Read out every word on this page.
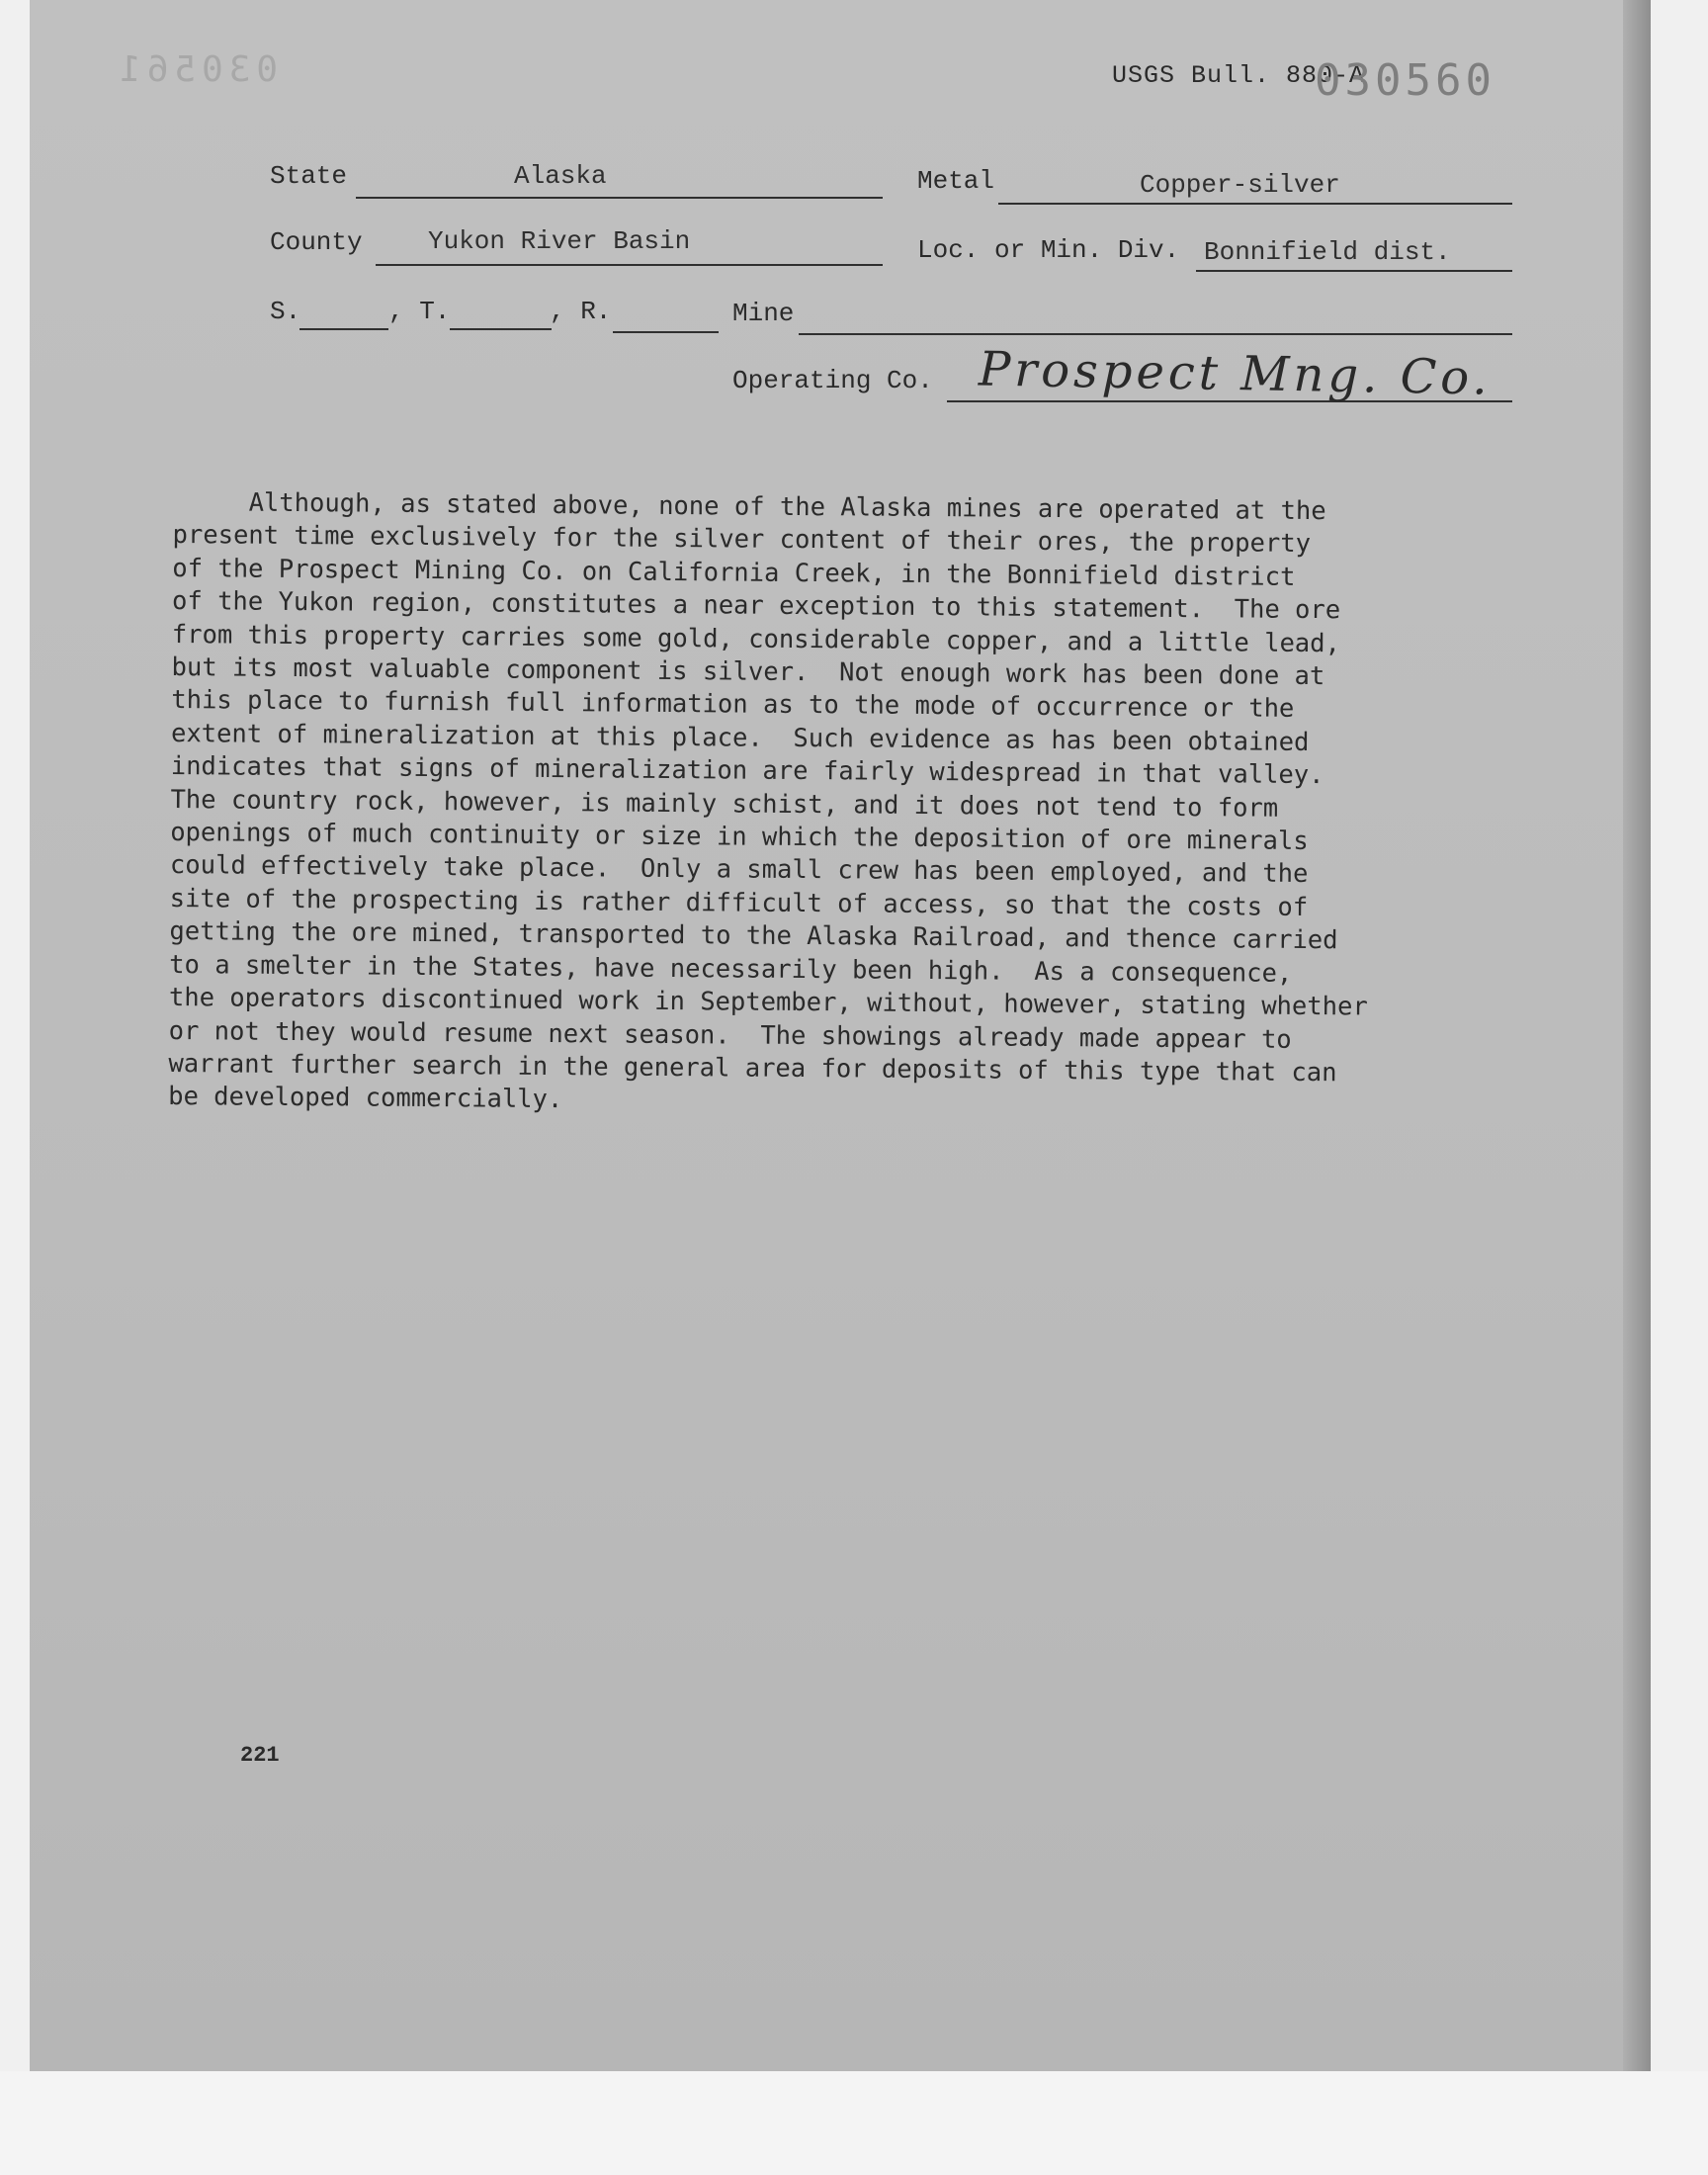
030561	USGS Bull. 880-A
030560
State	Alaska	Metal	Copper-silver
County	Yukon River Basin	Loc. or Min. Div. Bonnifield dist.
S.	, T.	, R.	Mine
Operating Co. Prospect Mng. Co.
Although, as stated above, none of the Alaska mines are operated at the
present time exclusively for the silver content of their ores, the property
of the Prospect Mining Co. on California Creek, in the Bonnifield district
of the Yukon region, constitutes a near exception to this statement.  The ore
from this property carries some gold, considerable copper, and a little lead,
but its most valuable component is silver.  Not enough work has been done at
this place to furnish full information as to the mode of occurrence or the
extent of mineralization at this place.  Such evidence as has been obtained
indicates that signs of mineralization are fairly widespread in that valley.
The country rock, however, is mainly schist, and it does not tend to form
openings of much continuity or size in which the deposition of ore minerals
could effectively take place.  Only a small crew has been employed, and the
site of the prospecting is rather difficult of access, so that the costs of
getting the ore mined, transported to the Alaska Railroad, and thence carried
to a smelter in the States, have necessarily been high.  As a consequence,
the operators discontinued work in September, without, however, stating whether
or not they would resume next season.  The showings already made appear to
warrant further search in the general area for deposits of this type that can
be developed commercially.
221
